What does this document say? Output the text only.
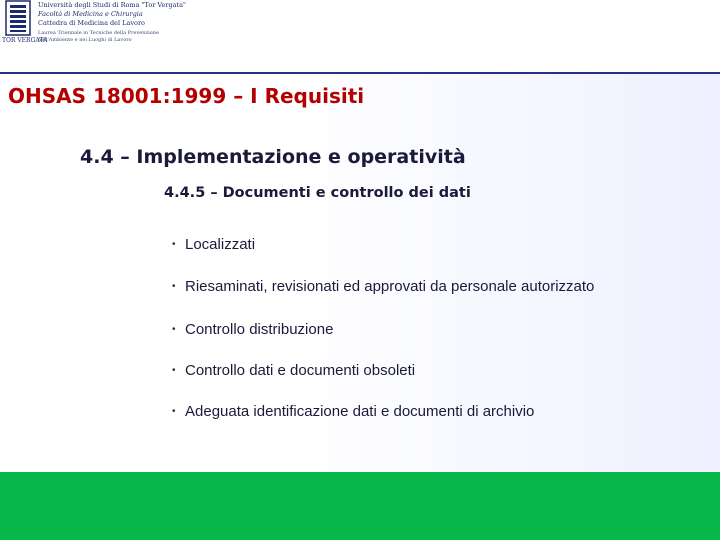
TOR VERGATA
Università degli Studi di Roma "Tor Vergata"
Facoltà di Medicina e Chirurgia
Cattedra di Medicina del Lavoro
Laurea Triennale in Tecniche della Prevenzione
nell'Ambiente e nei Luoghi di Lavoro
OHSAS 18001:1999 – I Requisiti
4.4 – Implementazione e operatività
4.4.5 – Documenti e controllo dei dati
• Localizzati
• Riesaminati, revisionati ed approvati da personale autorizzato
• Controllo distribuzione
• Controllo dati e documenti obsoleti
• Adeguata identificazione dati e documenti di archivio
